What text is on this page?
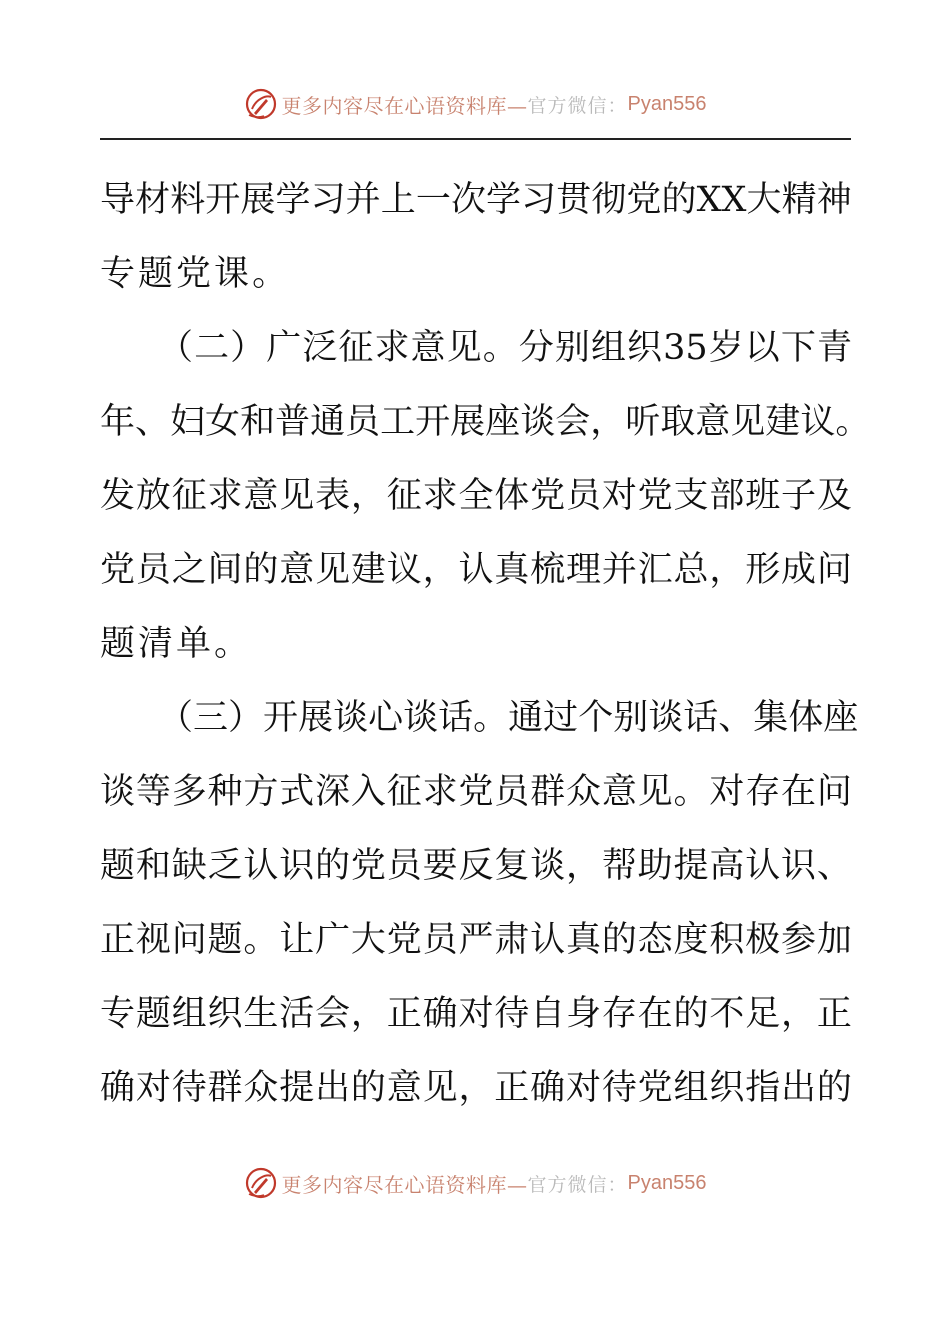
更多内容尽在心语资料库— 官方微信： Pyan556
导 材 料 开 展 学 习 并 上 一 次 学 习 贯 彻 党 的 XX 大 精 神
专 题 党 课 。
（ 二 ） 广 泛 征 求 意 见 。 分 别 组 织 35 岁 以 下 青
年 、 妇 女 和 普 通 员 工 开 展 座 谈 会 ， 听 取 意 见 建 议 。
发 放 征 求 意 见 表 ， 征 求 全 体 党 员 对 党 支 部 班 子 及
党 员 之 间 的 意 见 建 议 ， 认 真 梳 理 并 汇 总 ， 形 成 问
题 清 单 。
（ 三 ） 开 展 谈 心 谈 话 。 通 过 个 别 谈 话 、 集 体 座
谈 等 多 种 方 式 深 入 征 求 党 员 群 众 意 见 。 对 存 在 问
题 和 缺 乏 认 识 的 党 员 要 反 复 谈 ， 帮 助 提 高 认 识 、
正 视 问 题 。 让 广 大 党 员 严 肃 认 真 的 态 度 积 极 参 加
专 题 组 织 生 活 会 ， 正 确 对 待 自 身 存 在 的 不 足 ， 正
确 对 待 群 众 提 出 的 意 见 ， 正 确 对 待 党 组 织 指 出 的
更多内容尽在心语资料库— 官方微信： Pyan556
